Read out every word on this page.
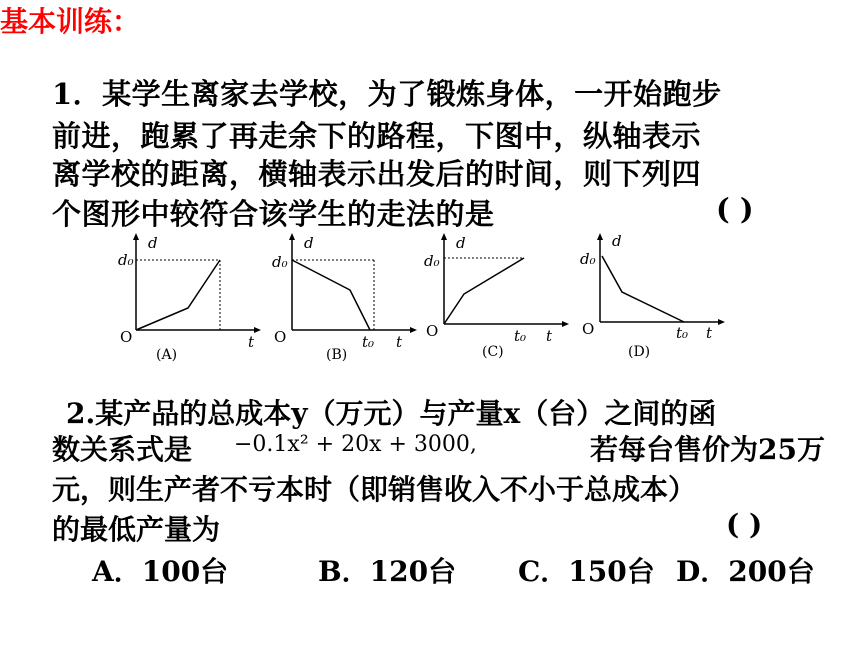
基本训练：
1．某学生离家去学校，为了锻炼身体，一开始跑步
前进，跑累了再走余下的路程，下图中，纵轴表示
离学校的距离，横轴表示出发后的时间，则下列四
个图形中较符合该学生的走法的是	( )
d
d₀
O	t
(A)
d
d₀
O	t
t₀
(B)
d
d₀
O	t
t₀
(C)
d
d₀
O	t
t₀
(D)
2.某产品的总成本y（万元）与产量x（台）之间的函
数关系式是 −0.1x² + 20x + 3000,	若每台售价为25万
元，则生产者不亏本时（即销售收入不小于总成本）
的最低产量为	( )
A．100台	B．120台 C．150台 D．200台
